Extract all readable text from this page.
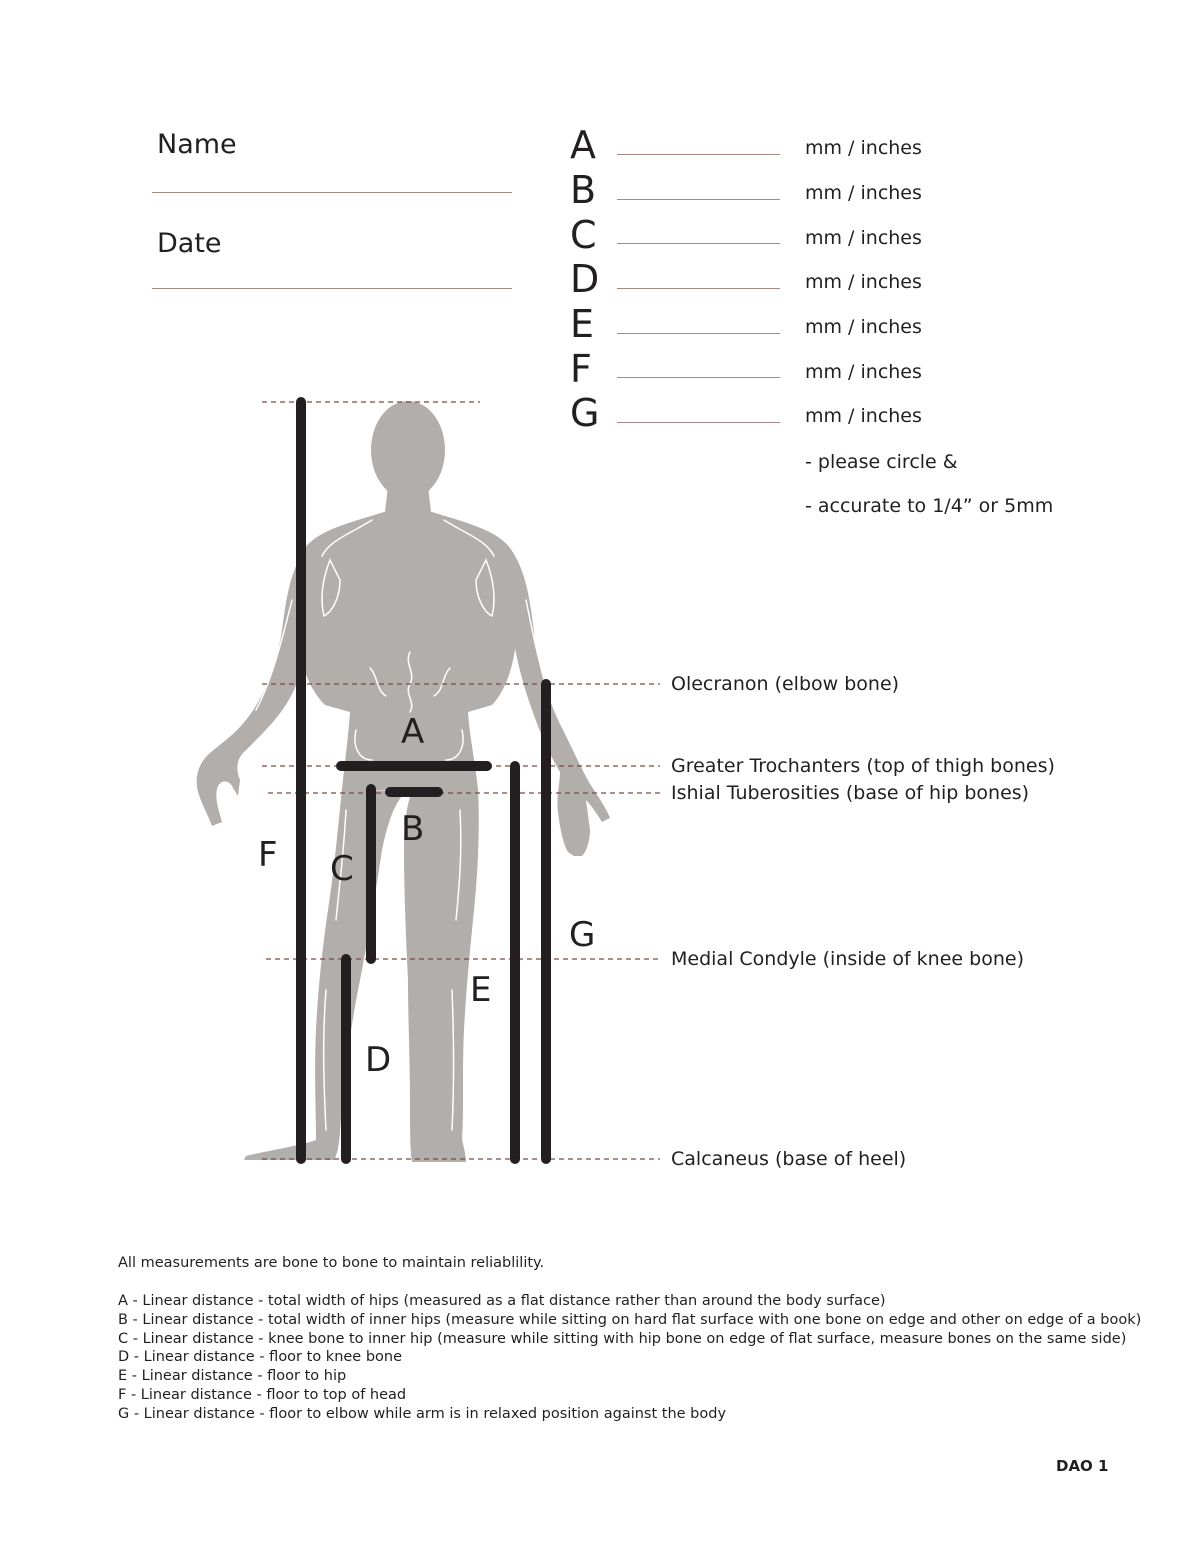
Name
Date
A	mm / inches
B	mm / inches
C	mm / inches
D	mm / inches
E	mm / inches
F	mm / inches
G	mm / inches
- please circle &
- accurate to 1/4” or 5mm
A
B
C
D
E
F
G
Olecranon (elbow bone)
Greater Trochanters (top of thigh bones)
Ishial Tuberosities (base of hip bones)
Medial Condyle (inside of knee bone)
Calcaneus (base of heel)
All measurements are bone to bone to maintain reliablility.
A - Linear distance - total width of hips (measured as a flat distance rather than around the body surface)
B - Linear distance - total width of inner hips (measure while sitting on hard flat surface with one bone on edge and other on edge of a book)
C - Linear distance - knee bone to inner hip (measure while sitting with hip bone on edge of flat surface, measure bones on the same side)
D - Linear distance - floor to knee bone
E - Linear distance - floor to hip
F - Linear distance - floor to top of head
G - Linear distance - floor to elbow while arm is in relaxed position against the body
DAO 1
